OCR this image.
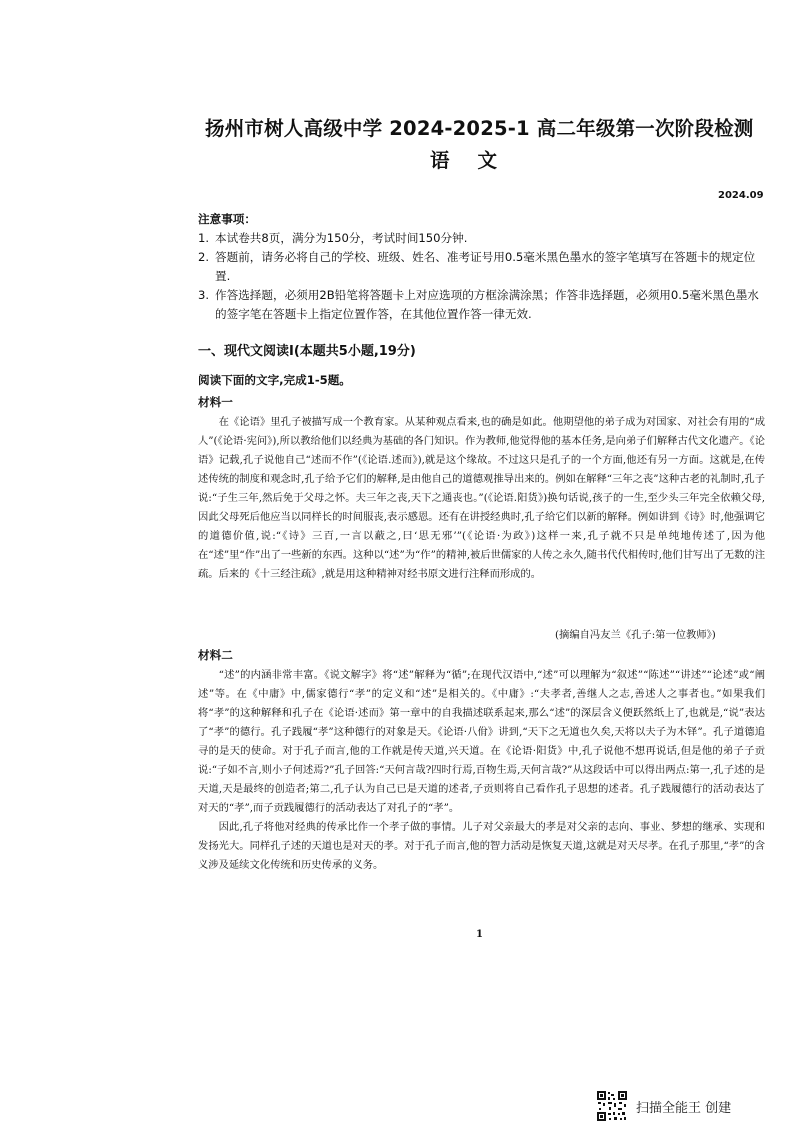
扬州市树人高级中学 2024-2025-1 高二年级第一次阶段检测
语文
2024.09
注意事项：
1. 本试卷共8页，满分为150分，考试时间150分钟.
2. 答题前，请务必将自己的学校、班级、姓名、准考证号用0.5毫米黑色墨水的签字笔填写在答题卡的规定位置.
3. 作答选择题，必须用2B铅笔将答题卡上对应选项的方框涂满涂黑；作答非选择题，必须用0.5毫米黑色墨水的签字笔在答题卡上指定位置作答，在其他位置作答一律无效.
一、现代文阅读Ⅰ(本题共5小题,19分)
阅读下面的文字,完成1-5题。
材料一

在《论语》里孔子被描写成一个教育家。从某种观点看来,也的确是如此。他期望他的弟子成为对国家、对社会有用的“成人”(《论语·宪问》),所以教给他们以经典为基础的各门知识。作为教师,他觉得他的基本任务,是向弟子们解释古代文化遗产。《论语》记载,孔子说他自己“述而不作”(《论语.述而》),就是这个缘故。不过这只是孔子的一个方面,他还有另一方面。这就是,在传述传统的制度和观念时,孔子给予它们的解释,是由他自己的道德观推导出来的。例如在解释“三年之丧”这种古老的礼制时,孔子说:“子生三年,然后免于父母之怀。夫三年之丧,天下之通丧也。”(《论语.阳货》)换句话说,孩子的一生,至少头三年完全依赖父母,因此父母死后他应当以同样长的时间服丧,表示感恩。还有在讲授经典时,孔子给它们以新的解释。例如讲到《诗》时,他强调它的道德价值,说:“《诗》三百,一言以蔽之,曰‘思无邪’”(《论语·为政》)这样一来,孔子就不只是单纯地传述了,因为他在“述”里“作”出了一些新的东西。这种以“述”为“作”的精神,被后世儒家的人传之永久,随书代代相传时,他们甘写出了无数的注疏。后来的《十三经注疏》,就是用这种精神对经书原文进行注释而形成的。

(摘编自冯友兰《孔子:第一位教师》)
材料二

“述”的内涵非常丰富。《说文解字》将“述”解释为“循”;在现代汉语中,“述”可以理解为“叙述”“陈述”“讲述”“论述”或“阐述”等。在《中庸》中,儒家德行“孝”的定义和“述”是相关的。《中庸》:“夫孝者,善继人之志,善述人之事者也。”如果我们将“孝”的这种解释和孔子在《论语·述而》第一章中的自我描述联系起来,那么“述”的深层含义便跃然纸上了,也就是,“说”表达了“孝”的德行。孔子践履“孝”这种德行的对象是天。《论语·八佾》讲到,“天下之无道也久矣,天将以夫子为木铎”。孔子道德追寻的是天的使命。对于孔子而言,他的工作就是传天道,兴天道。在《论语·阳货》中,孔子说他不想再说话,但是他的弟子子贡说:“子如不言,则小子何述焉?”孔子回答:“天何言哉?四时行焉,百物生焉,天何言哉?”从这段话中可以得出两点:第一,孔子述的是天道,天是最终的创造者;第二,孔子认为自己已是天道的述者,子贡则将自己看作孔子思想的述者。孔子践履德行的活动表达了对天的“孝”,而子贡践履德行的活动表达了对孔子的“孝”。

因此,孔子将他对经典的传承比作一个孝子做的事情。儿子对父亲最大的孝是对父亲的志向、事业、梦想的继承、实现和发扬光大。同样孔子述的天道也是对天的孝。对于孔子而言,他的智力活动是恢复天道,这就是对天尽孝。在孔子那里,“孝”的含义涉及延续文化传统和历史传承的义务。

1
扫描全能王 创建
